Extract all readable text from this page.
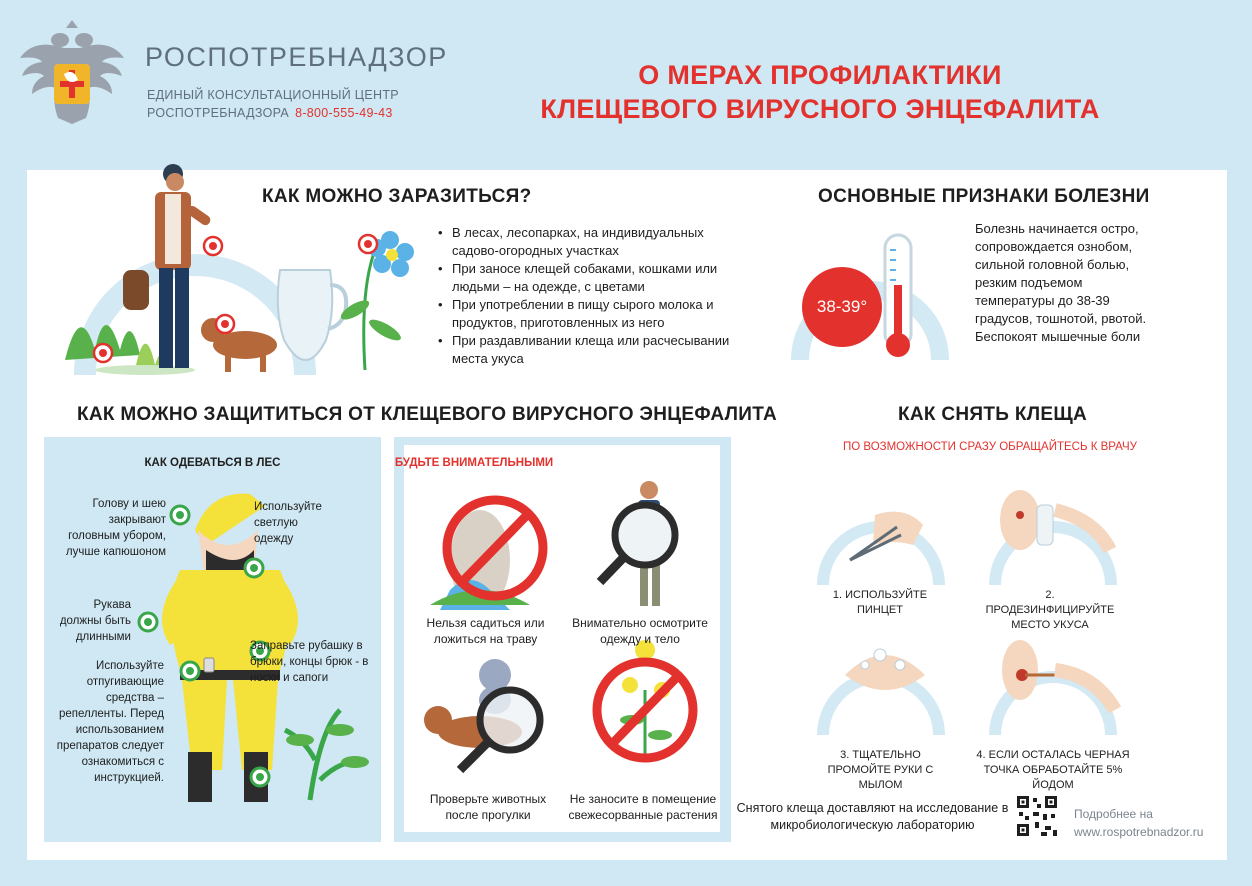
РОСПОТРЕБНАДЗОР
ЕДИНЫЙ КОНСУЛЬТАЦИОННЫЙ ЦЕНТР
РОСПОТРЕБНАДЗОРА 8-800-555-49-43
О МЕРАХ ПРОФИЛАКТИКИ
КЛЕЩЕВОГО ВИРУСНОГО ЭНЦЕФАЛИТА
КАК МОЖНО ЗАРАЗИТЬСЯ?
• В лесах, лесопарках, на индивидуальных садово-огородных участках
• При заносе клещей собаками, кошками или людьми – на одежде, с цветами
• При употреблении в пищу сырого молока и продуктов, приготовленных из него
• При раздавливании клеща или расчесывании места укуса
ОСНОВНЫЕ ПРИЗНАКИ БОЛЕЗНИ
38-39°
Болезнь начинается остро, сопровождается ознобом, сильной головной болью, резким подъемом температуры до 38-39 градусов, тошнотой, рвотой. Беспокоят мышечные боли
КАК МОЖНО ЗАЩИТИТЬСЯ ОТ КЛЕЩЕВОГО ВИРУСНОГО ЭНЦЕФАЛИТА
КАК ОДЕВАТЬСЯ В ЛЕС
Голову и шею закрывают головным убором, лучше капюшоном
Используйте светлую одежду
Рукава должны быть длинными
Заправьте рубашку в брюки, концы брюк - в носки и сапоги
Используйте отпугивающие средства – репелленты. Перед использованием препаратов следует ознакомиться с инструкцией.
БУДЬТЕ ВНИМАТЕЛЬНЫМИ
Нельзя садиться или ложиться на траву
Внимательно осмотрите одежду и тело
Проверьте животных после прогулки
Не заносите в помещение свежесорванные растения
КАК СНЯТЬ КЛЕЩА
ПО ВОЗМОЖНОСТИ СРАЗУ ОБРАЩАЙТЕСЬ К ВРАЧУ
1. ИСПОЛЬЗУЙТЕ ПИНЦЕТ
2. ПРОДЕЗИНФИЦИРУЙТЕ МЕСТО УКУСА
3. ТЩАТЕЛЬНО ПРОМОЙТЕ РУКИ С МЫЛОМ
4. ЕСЛИ ОСТАЛАСЬ ЧЕРНАЯ ТОЧКА ОБРАБОТАЙТЕ 5% ЙОДОМ
Снятого клеща доставляют на исследование в микробиологическую лабораторию
Подробнее на
www.rospotrebnadzor.ru
